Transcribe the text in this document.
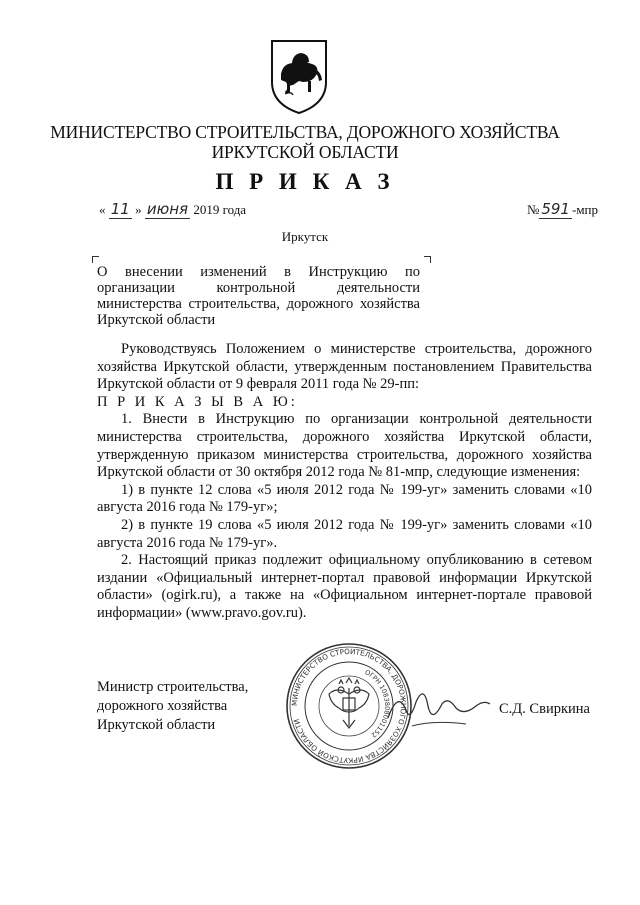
МИНИСТЕРСТВО СТРОИТЕЛЬСТВА, ДОРОЖНОГО ХОЗЯЙСТВА
ИРКУТСКОЙ ОБЛАСТИ
П Р И К А З
« 11 » июня 2019 года	№ 591 -мпр
Иркутск
О внесении изменений в Инструкцию по организации контрольной деятельности министерства строительства, дорожного хозяйства Иркутской области

Руководствуясь Положением о министерстве строительства, дорожного хозяйства Иркутской области, утвержденным постановлением Правительства Иркутской области от 9 февраля 2011 года № 29-пп:

П Р И К А З Ы В А Ю:

1. Внести в Инструкцию по организации контрольной деятельности министерства строительства, дорожного хозяйства Иркутской области, утвержденную приказом министерства строительства, дорожного хозяйства Иркутской области от 30 октября 2012 года № 81-мпр, следующие изменения:

1) в пункте 12 слова «5 июля 2012 года № 199-уг» заменить словами «10 августа 2016 года № 179-уг»;

2) в пункте 19 слова «5 июля 2012 года № 199-уг» заменить словами «10 августа 2016 года № 179-уг».

2. Настоящий приказ подлежит официальному опубликованию в сетевом издании «Официальный интернет-портал правовой информации Иркутской области» (ogirk.ru), а также на «Официальном интернет-портале правовой информации» (www.pravo.gov.ru).

Министр строительства,
дорожного хозяйства
Иркутской области
МИНИСТЕРСТВО СТРОИТЕЛЬСТВА, ДОРОЖНОГО ХОЗЯЙСТВА ИРКУТСКОЙ ОБЛАСТИ
ОГРН 1083808001152
С.Д. Свиркина
